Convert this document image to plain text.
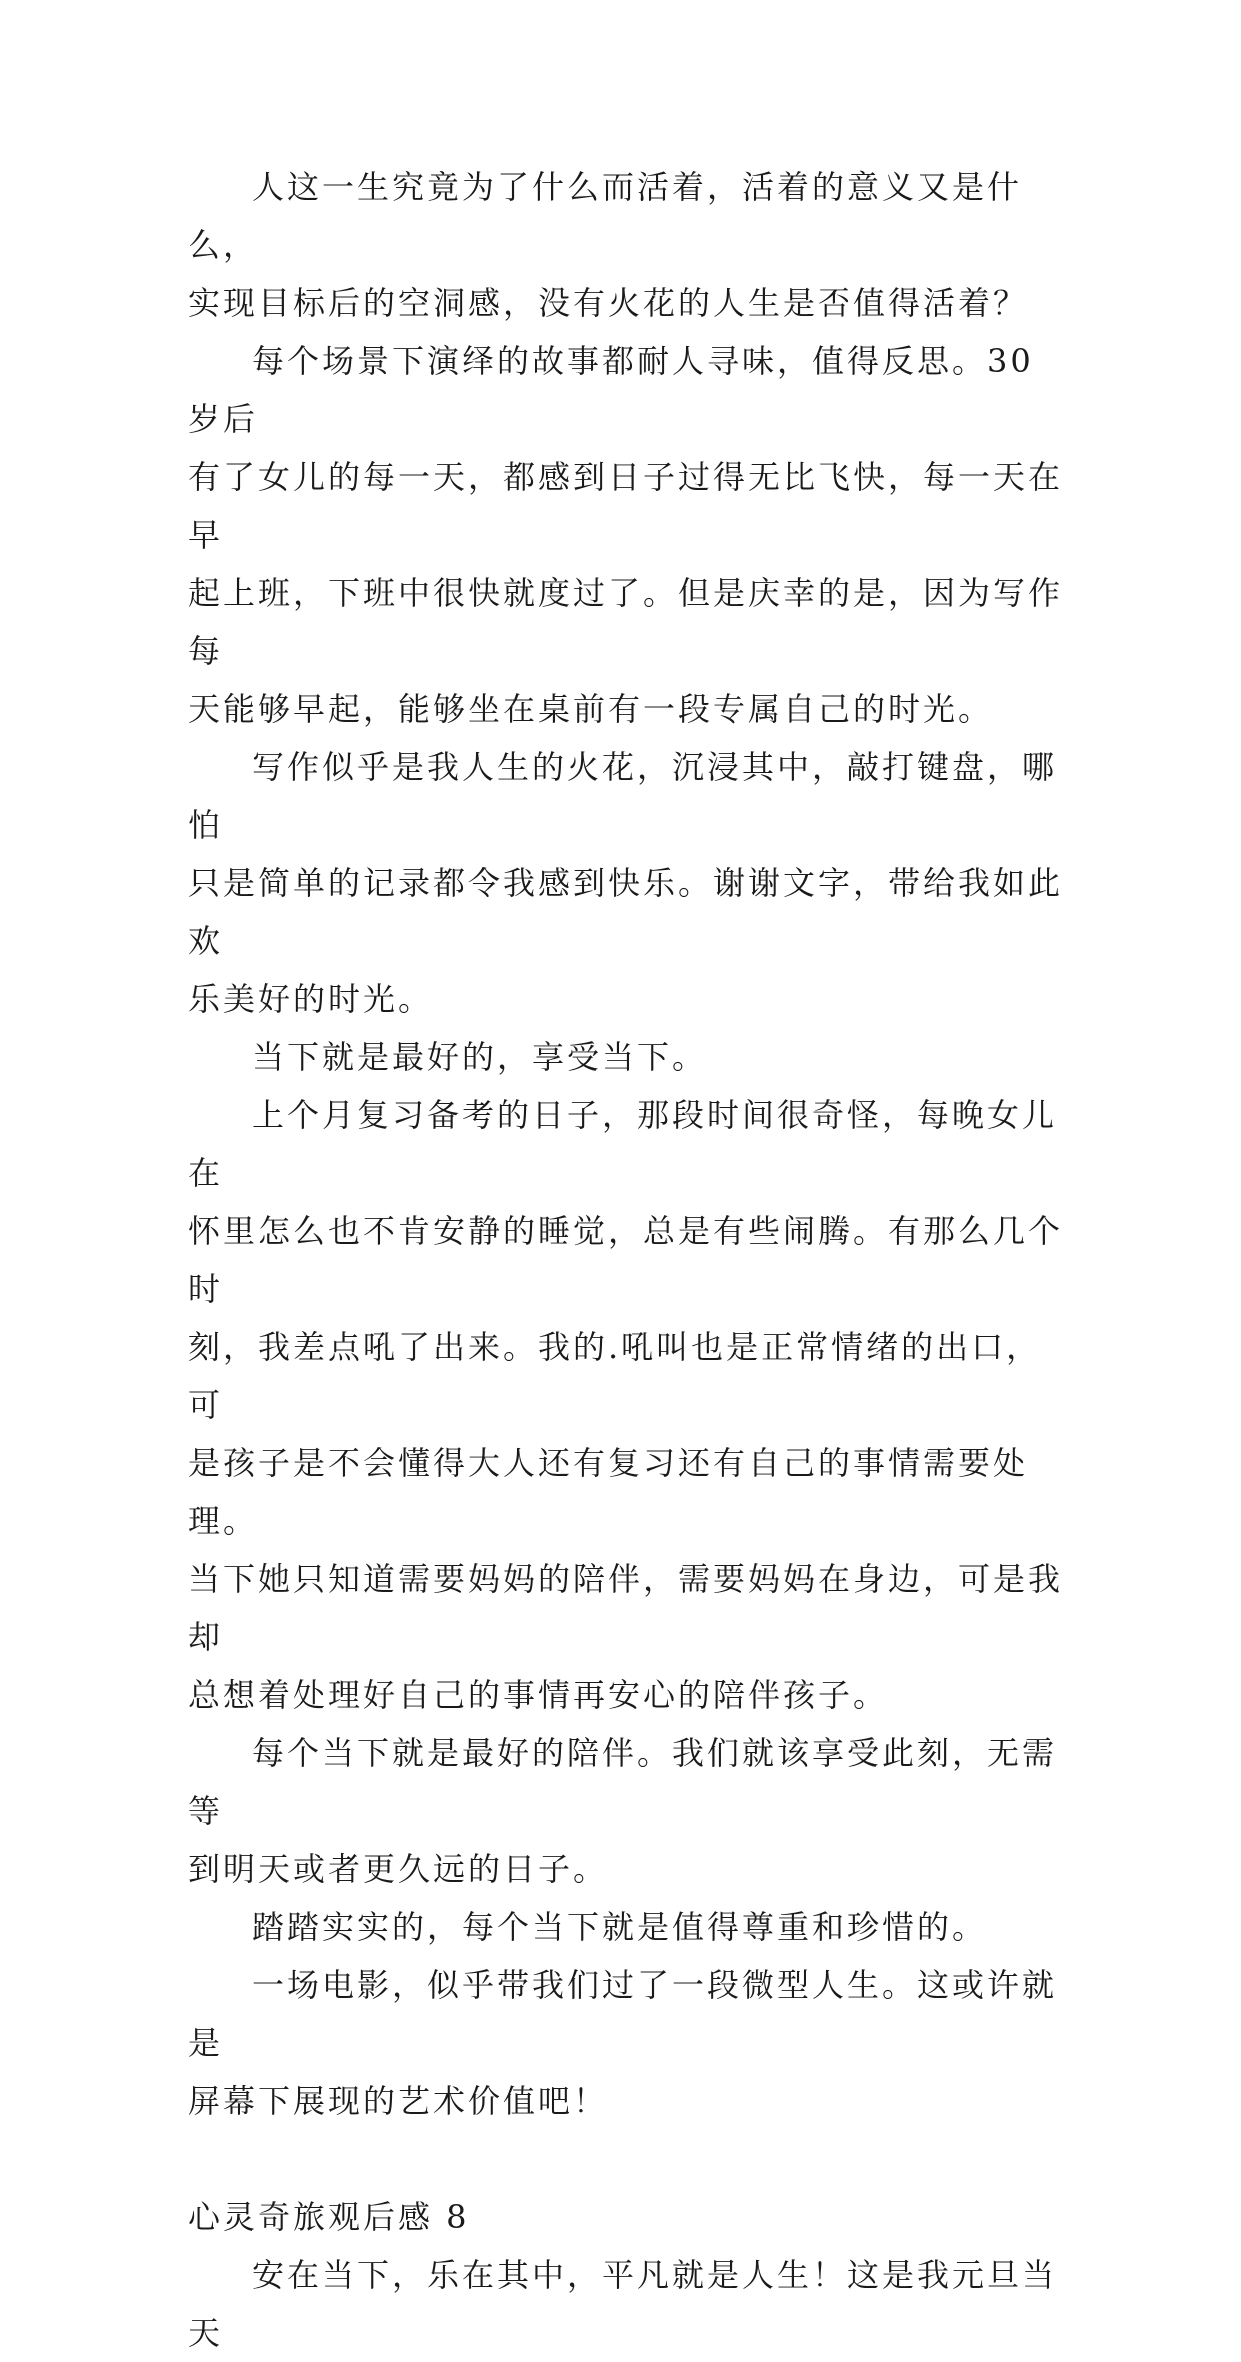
人这一生究竟为了什么而活着，活着的意义又是什么，
实现目标后的空洞感，没有火花的人生是否值得活着？

每个场景下演绎的故事都耐人寻味，值得反思。30岁后
有了女儿的每一天，都感到日子过得无比飞快，每一天在早
起上班，下班中很快就度过了。但是庆幸的是，因为写作每
天能够早起，能够坐在桌前有一段专属自己的时光。

写作似乎是我人生的火花，沉浸其中，敲打键盘，哪怕
只是简单的记录都令我感到快乐。谢谢文字，带给我如此欢
乐美好的时光。

当下就是最好的，享受当下。

上个月复习备考的日子，那段时间很奇怪，每晚女儿在
怀里怎么也不肯安静的睡觉，总是有些闹腾。有那么几个时
刻，我差点吼了出来。我的.吼叫也是正常情绪的出口，可
是孩子是不会懂得大人还有复习还有自己的事情需要处理。
当下她只知道需要妈妈的陪伴，需要妈妈在身边，可是我却
总想着处理好自己的事情再安心的陪伴孩子。

每个当下就是最好的陪伴。我们就该享受此刻，无需等
到明天或者更久远的日子。

踏踏实实的，每个当下就是值得尊重和珍惜的。

一场电影，似乎带我们过了一段微型人生。这或许就是
屏幕下展现的艺术价值吧！

心灵奇旅观后感 8

安在当下，乐在其中，平凡就是人生！这是我元旦当天
